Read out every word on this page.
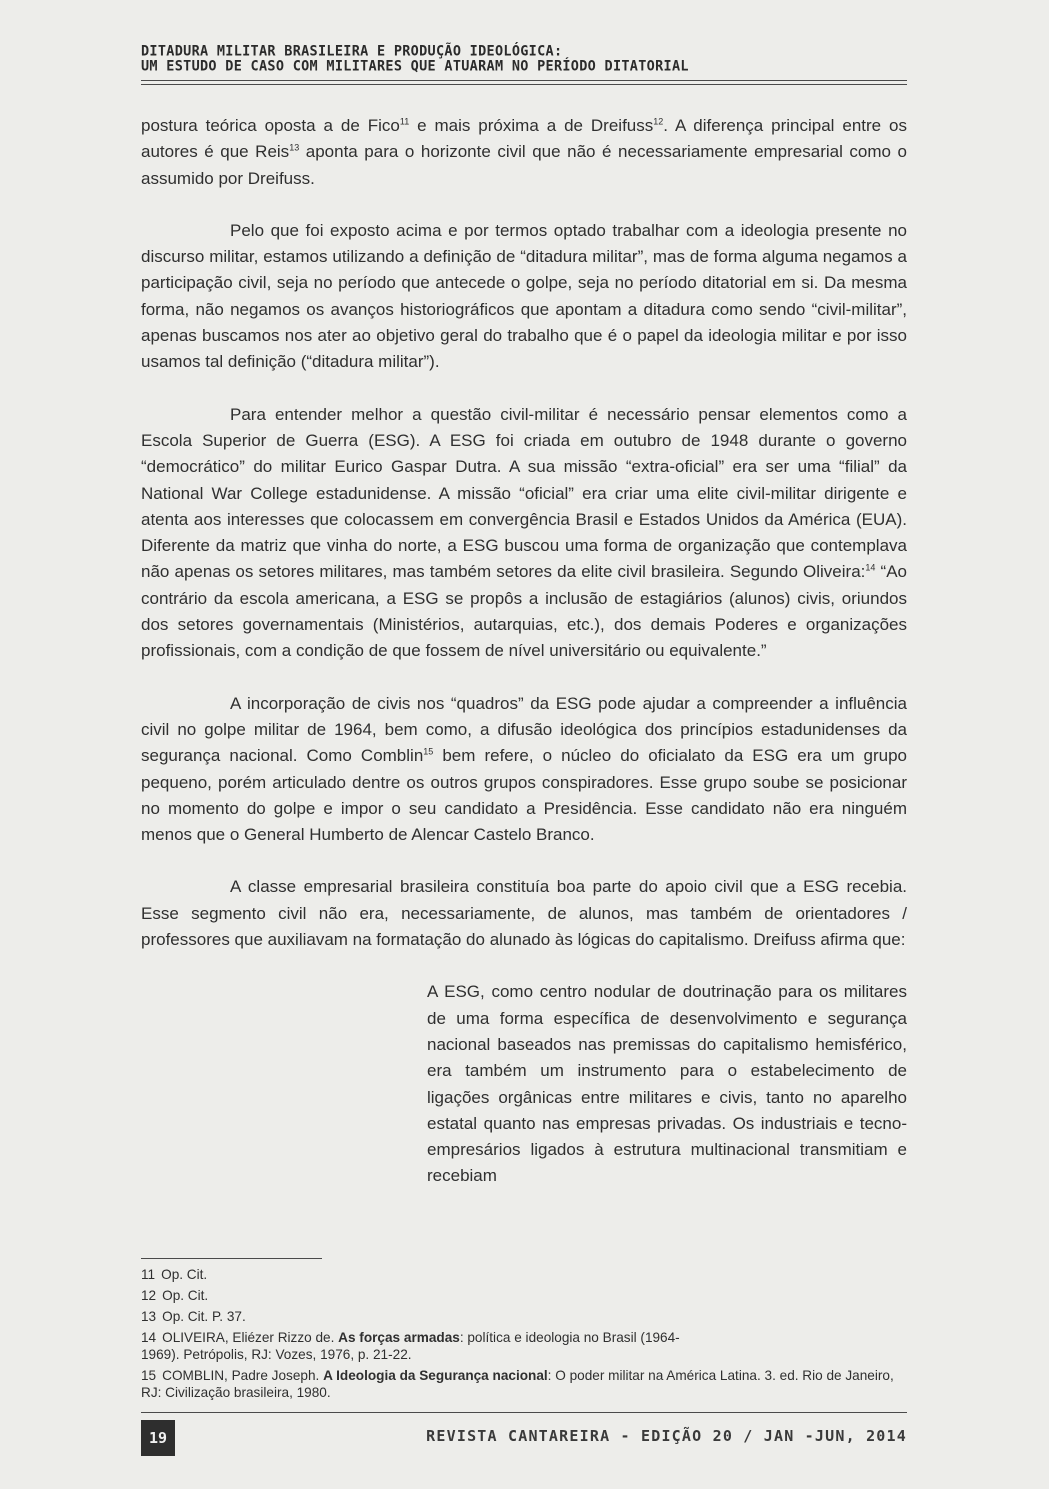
DITADURA MILITAR BRASILEIRA E PRODUÇÃO IDEOLÓGICA:
UM ESTUDO DE CASO COM MILITARES QUE ATUARAM NO PERÍODO DITATORIAL

postura teórica oposta a de Fico$^{11}$ e mais próxima a de Dreifuss$^{12}$. A diferença principal entre os autores é que Reis$^{13}$ aponta para o horizonte civil que não é necessariamente empresarial como o assumido por Dreifuss.

Pelo que foi exposto acima e por termos optado trabalhar com a ideologia presente no discurso militar, estamos utilizando a definição de “ditadura militar”, mas de forma alguma negamos a participação civil, seja no período que antecede o golpe, seja no período ditatorial em si. Da mesma forma, não negamos os avanços historiográficos que apontam a ditadura como sendo “civil-militar”, apenas buscamos nos ater ao objetivo geral do trabalho que é o papel da ideologia militar e por isso usamos tal definição (“ditadura militar”).

Para entender melhor a questão civil-militar é necessário pensar elementos como a Escola Superior de Guerra (ESG). A ESG foi criada em outubro de 1948 durante o governo “democrático” do militar Eurico Gaspar Dutra. A sua missão “extra-oficial” era ser uma “filial” da National War College estadunidense. A missão “oficial” era criar uma elite civil-militar dirigente e atenta aos interesses que colocassem em convergência Brasil e Estados Unidos da América (EUA). Diferente da matriz que vinha do norte, a ESG buscou uma forma de organização que contemplava não apenas os setores militares, mas também setores da elite civil brasileira. Segundo Oliveira:$^{14}$ “Ao contrário da escola americana, a ESG se propôs a inclusão de estagiários (alunos) civis, oriundos dos setores governamentais (Ministérios, autarquias, etc.), dos demais Poderes e organizações profissionais, com a condição de que fossem de nível universitário ou equivalente.”

A incorporação de civis nos “quadros” da ESG pode ajudar a compreender a influência civil no golpe militar de 1964, bem como, a difusão ideológica dos princípios estadunidenses da segurança nacional. Como Comblin$^{15}$ bem refere, o núcleo do oficialato da ESG era um grupo pequeno, porém articulado dentre os outros grupos conspiradores. Esse grupo soube se posicionar no momento do golpe e impor o seu candidato a Presidência. Esse candidato não era ninguém menos que o General Humberto de Alencar Castelo Branco.

A classe empresarial brasileira constituía boa parte do apoio civil que a ESG recebia. Esse segmento civil não era, necessariamente, de alunos, mas também de orientadores / professores que auxiliavam na formatação do alunado às lógicas do capitalismo. Dreifuss afirma que:

A ESG, como centro nodular de doutrinação para os militares de uma forma específica de desenvolvimento e segurança nacional baseados nas premissas do capitalismo hemisférico, era também um instrumento para o estabelecimento de ligações orgânicas entre militares e civis, tanto no aparelho estatal quanto nas empresas privadas. Os industriais e tecno-empresários ligados à estrutura multinacional transmitiam e recebiam

11 Op. Cit.
12 Op. Cit.
13 Op. Cit. P. 37.
14 OLIVEIRA, Eliézer Rizzo de. As forças armadas: política e ideologia no Brasil (1964-
1969). Petrópolis, RJ: Vozes, 1976, p. 21-22.
15 COMBLIN, Padre Joseph. A Ideologia da Segurança nacional: O poder militar na América Latina. 3. ed. Rio de Janeiro, RJ: Civilização brasileira, 1980.
19	REVISTA CANTAREIRA - EDIÇÃO 20 / JAN -JUN, 2014
